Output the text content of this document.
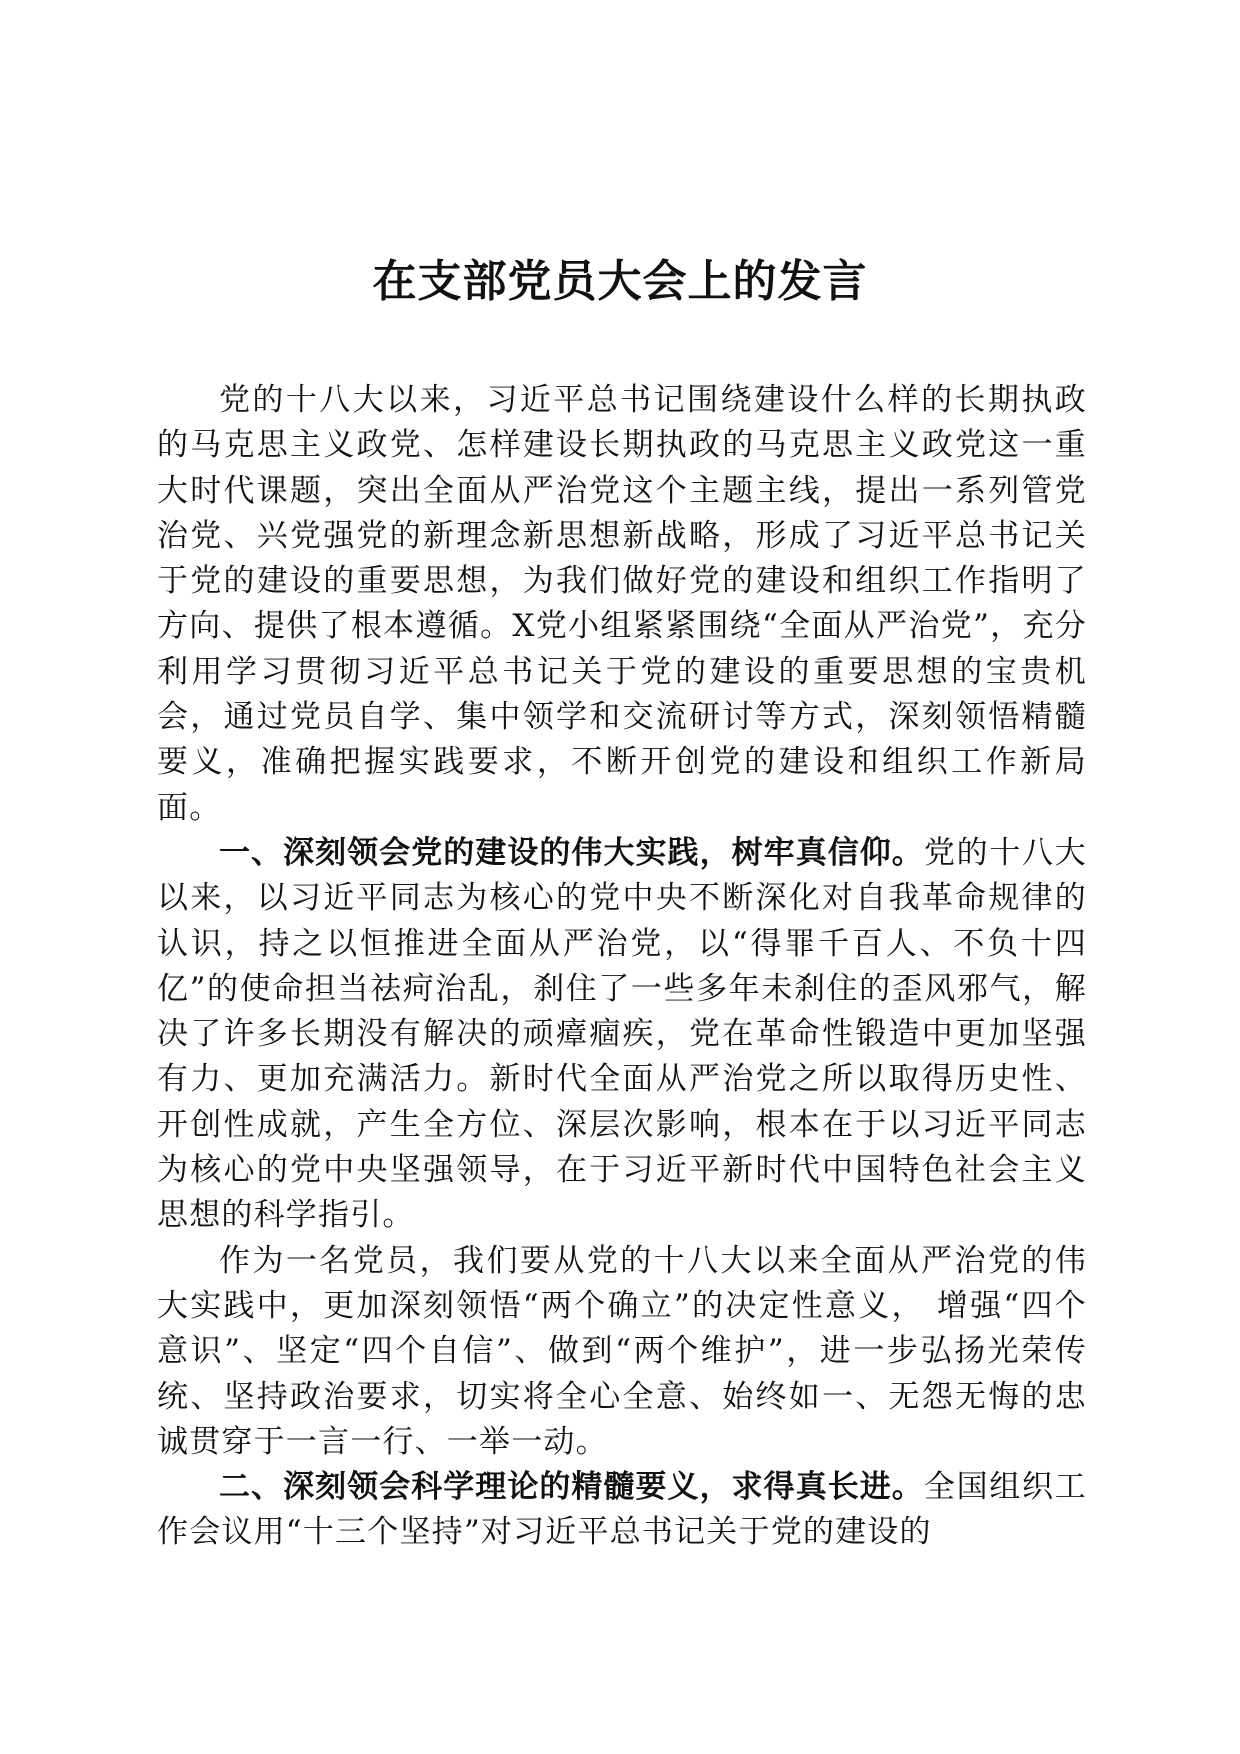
在支部党员大会上的发言

党的十八大以来，习近平总书记围绕建设什么样的长期执政的马克思主义政党、怎样建设长期执政的马克思主义政党这一重大时代课题，突出全面从严治党这个主题主线，提出一系列管党治党、兴党强党的新理念新思想新战略，形成了习近平总书记关于党的建设的重要思想，为我们做好党的建设和组织工作指明了方向、提供了根本遵循。X党小组紧紧围绕“全面从严治党”，充分利用学习贯彻习近平总书记关于党的建设的重要思想的宝贵机会，通过党员自学、集中领学和交流研讨等方式，深刻领悟精髓要义，准确把握实践要求，不断开创党的建设和组织工作新局面。

一、深刻领会党的建设的伟大实践，树牢真信仰。党的十八大以来，以习近平同志为核心的党中央不断深化对自我革命规律的认识，持之以恒推进全面从严治党，以“得罪千百人、不负十四亿”的使命担当祛疴治乱，刹住了一些多年未刹住的歪风邪气，解决了许多长期没有解决的顽瘴痼疾，党在革命性锻造中更加坚强有力、更加充满活力。新时代全面从严治党之所以取得历史性、开创性成就，产生全方位、深层次影响，根本在于以习近平同志为核心的党中央坚强领导，在于习近平新时代中国特色社会主义思想的科学指引。

作为一名党员，我们要从党的十八大以来全面从严治党的伟大实践中，更加深刻领悟“两个确立”的决定性意义， 增强“四个意识”、坚定“四个自信”、做到“两个维护”，进一步弘扬光荣传统、坚持政治要求，切实将全心全意、始终如一、无怨无悔的忠诚贯穿于一言一行、一举一动。

二、深刻领会科学理论的精髓要义，求得真长进。全国组织工作会议用“十三个坚持”对习近平总书记关于党的建设的
